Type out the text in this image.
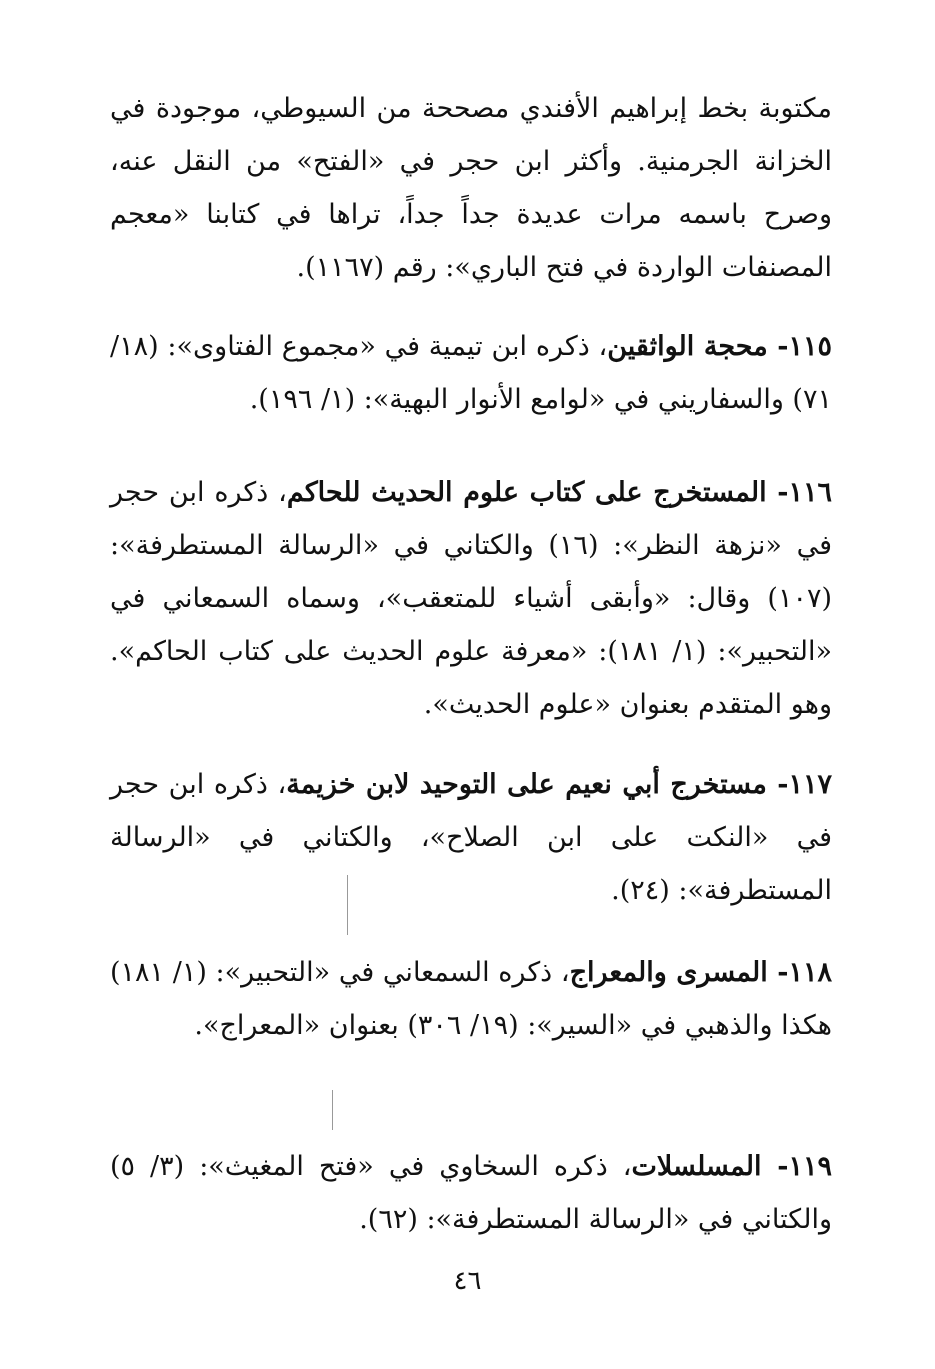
مكتوبة بخط إبراهيم الأفندي مصححة من السيوطي، موجودة في الخزانة الجرمنية. وأكثر ابن حجر في «الفتح» من النقل عنه، وصرح باسمه مرات عديدة جداً جداً، تراها في كتابنا «معجم المصنفات الواردة في فتح الباري»: رقم (١١٦٧).

١١٥- محجة الواثقين، ذكره ابن تيمية في «مجموع الفتاوى»: (١٨/ ٧١) والسفاريني في «لوامع الأنوار البهية»: (١/ ١٩٦).

١١٦- المستخرج على كتاب علوم الحديث للحاكم، ذكره ابن حجر في «نزهة النظر»: (١٦) والكتاني في «الرسالة المستطرفة»: (١٠٧) وقال: «وأبقى أشياء للمتعقب»، وسماه السمعاني في «التحبير»: (١/ ١٨١): «معرفة علوم الحديث على كتاب الحاكم». وهو المتقدم بعنوان «علوم الحديث».

١١٧- مستخرج أبي نعيم على التوحيد لابن خزيمة، ذكره ابن حجر في «النكت على ابن الصلاح»، والكتاني في «الرسالة المستطرفة»: (٢٤).

١١٨- المسرى والمعراج، ذكره السمعاني في «التحبير»: (١/ ١٨١) هكذا والذهبي في «السير»: (١٩/ ٣٠٦) بعنوان «المعراج».

١١٩- المسلسلات، ذكره السخاوي في «فتح المغيث»: (٣/ ٥) والكتاني في «الرسالة المستطرفة»: (٦٢).

٤٦
